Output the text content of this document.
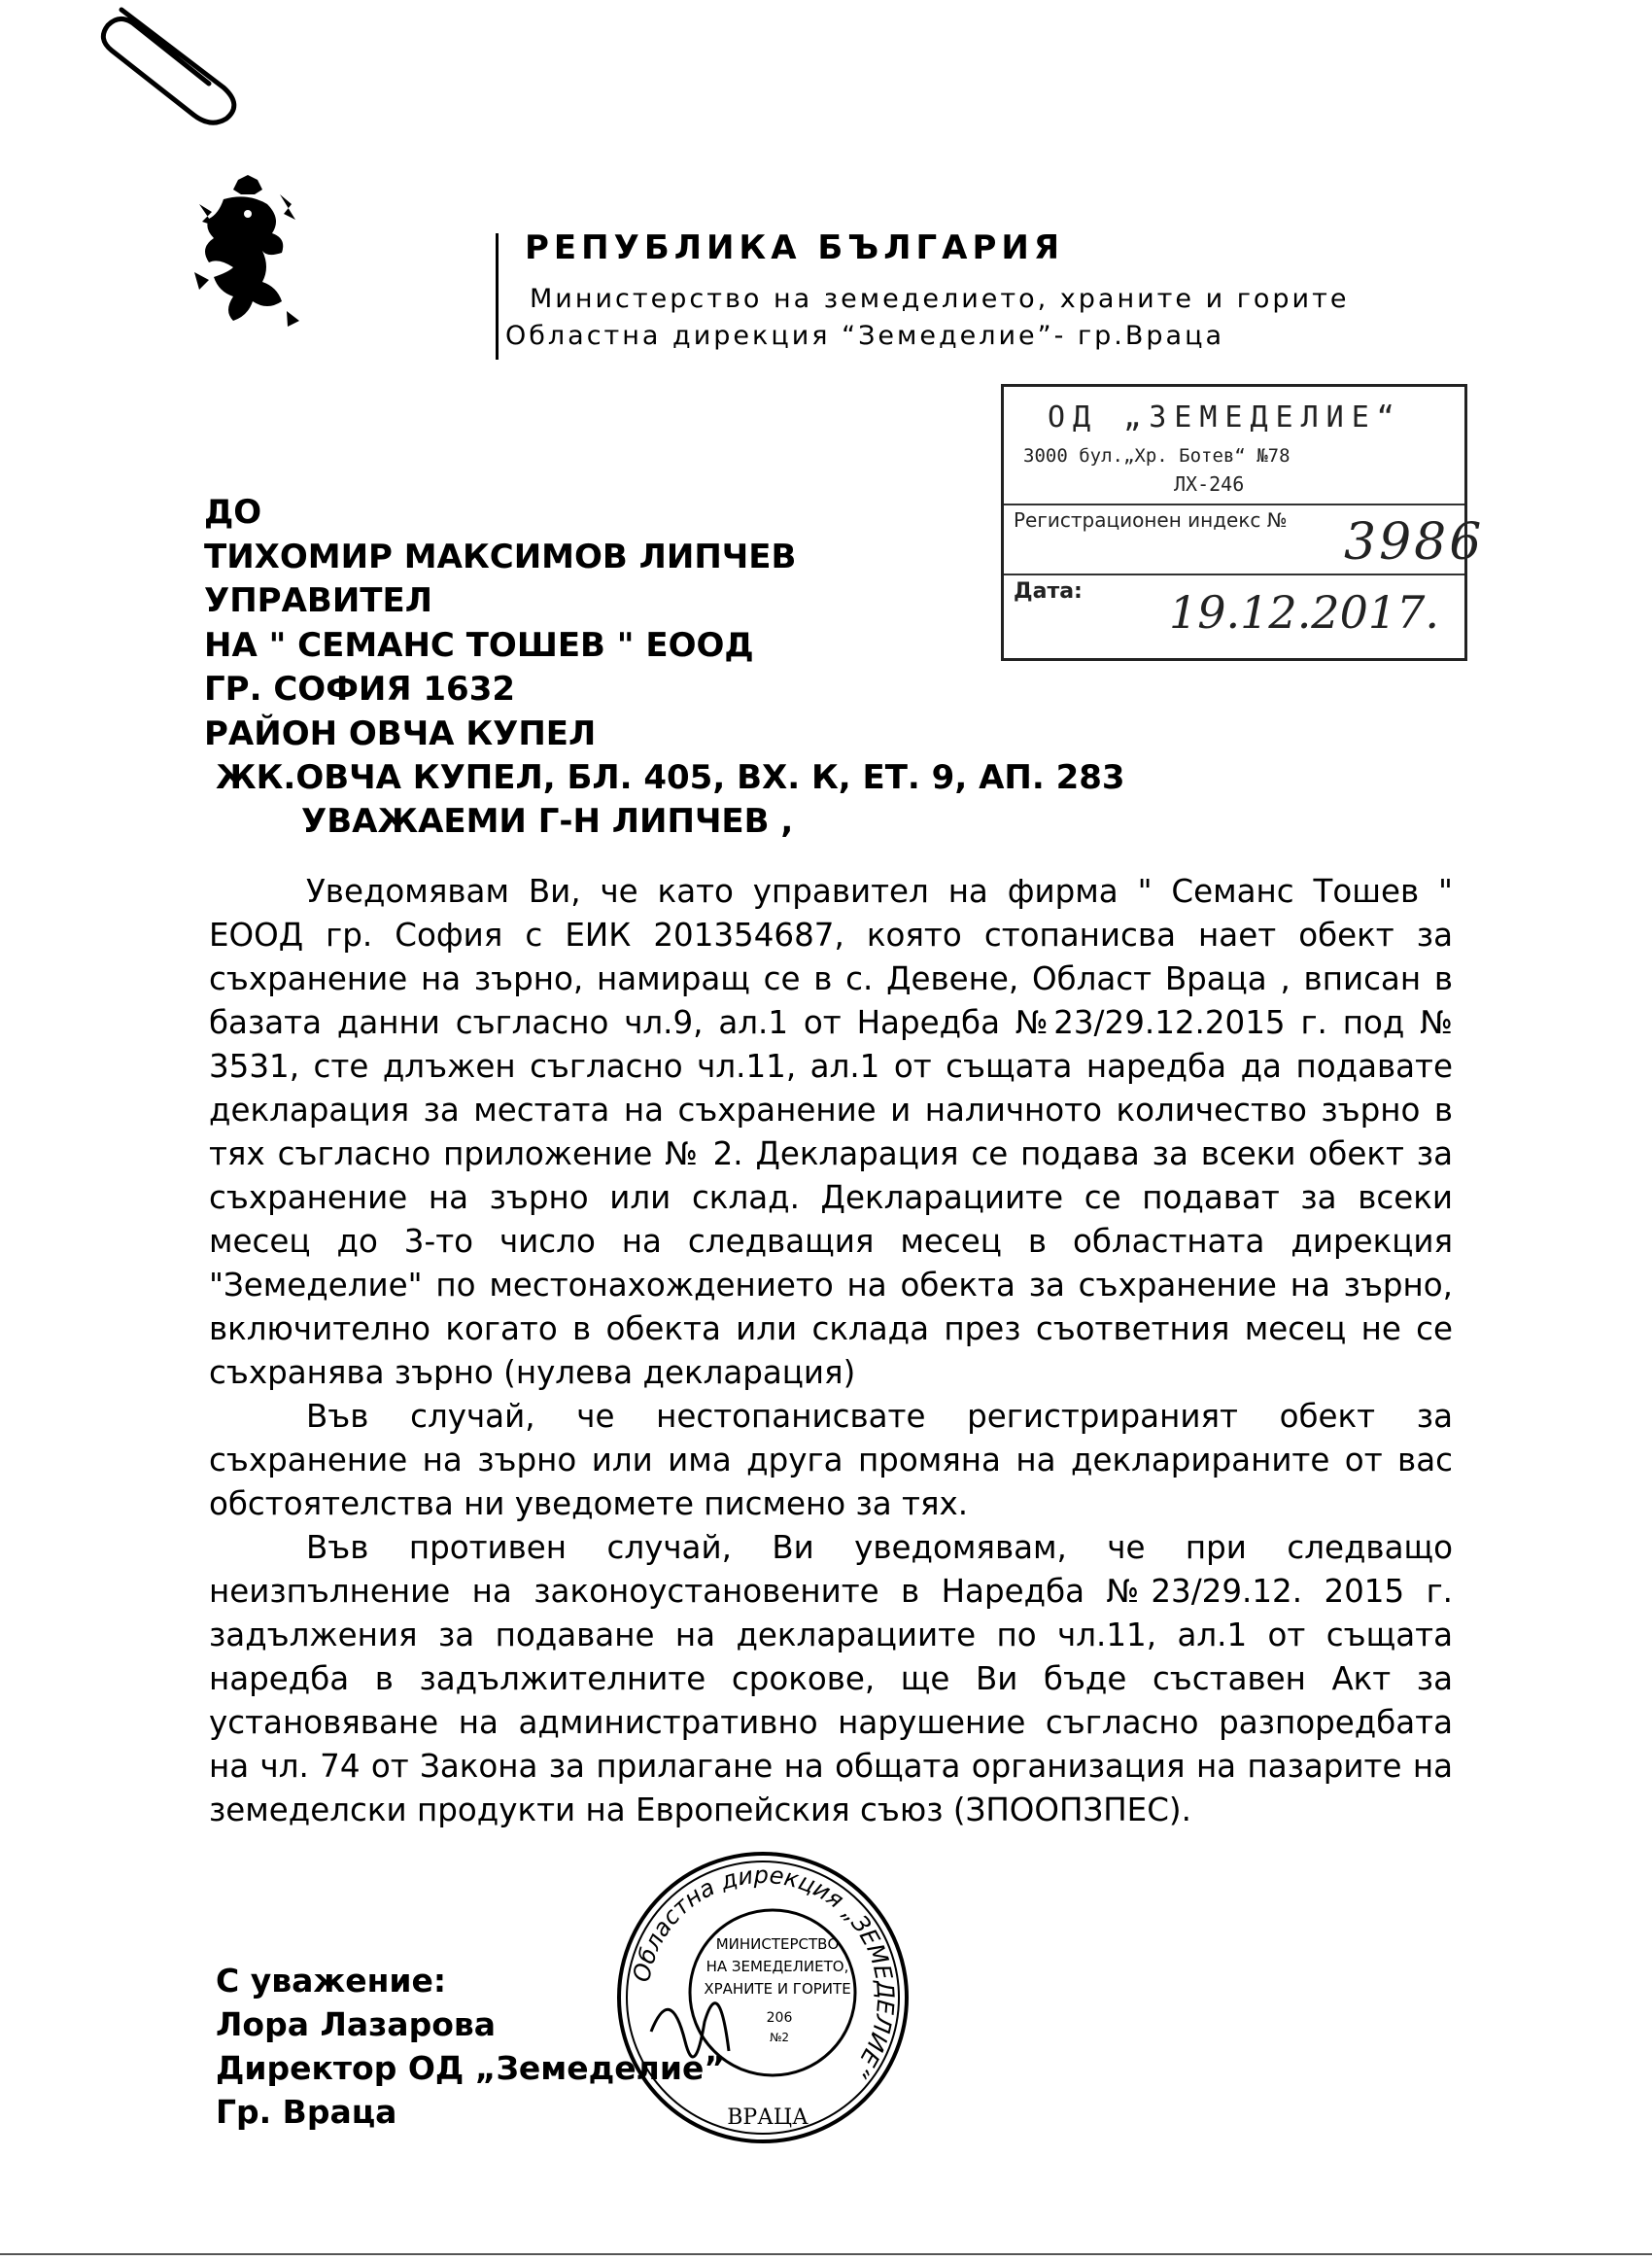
РЕПУБЛИКА БЪЛГАРИЯ
Министерство на земеделието, храните и горите
Областна дирекция “Земеделие”- гр.Враца
ОД „ЗЕМЕДЕЛИЕ“
3000 бул.„Хр. Ботев“ №78
ЛХ-246
Регистрационен индекс № 3986
Дата: 19.12.2017.
ДО
ТИХОМИР МАКСИМОВ ЛИПЧЕВ
УПРАВИТЕЛ
НА " СЕМАНС ТОШЕВ " ЕООД
ГР. СОФИЯ 1632
РАЙОН ОВЧА КУПЕЛ
ЖК.ОВЧА КУПЕЛ, БЛ. 405, ВХ. К, ЕТ. 9, АП. 283
УВАЖАЕМИ Г-Н ЛИПЧЕВ ,

Уведомявам Ви, че като управител на фирма " Семанс Тошев " ЕООД гр. София с ЕИК 201354687, която стопанисва нает обект за съхранение на зърно, намиращ се в с. Девене, Област Враца , вписан в базата данни съгласно чл.9, ал.1 от Наредба №23/29.12.2015 г. под № 3531, сте длъжен съгласно чл.11, ал.1 от същата наредба да подавате декларация за местата на съхранение и наличното количество зърно в тях съгласно приложение № 2. Декларация се подава за всеки обект за съхранение на зърно или склад. Декларациите се подават за всеки месец до 3-то число на следващия месец в областната дирекция "Земеделие" по местонахождението на обекта за съхранение на зърно, включително когато в обекта или склада през съответния месец не се съхранява зърно (нулева декларация)

Във случай, че нестопанисвате регистрираният обект за съхранение на зърно или има друга промяна на декларираните от вас обстоятелства ни уведомете писмено за тях.

Във противен случай, Ви уведомявам, че при следващо неизпълнение на законоустановените в Наредба №23/29.12. 2015 г. задължения за подаване на декларациите по чл.11, ал.1 от същата наредба в задължителните срокове, ще Ви бъде съставен Акт за установяване на административно нарушение съгласно разпоредбата на чл. 74 от Закона за прилагане на общата организация на пазарите на земеделски продукти на Европейския съюз (ЗПООПЗПЕС).

С уважение:
Лора Лазарова
Директор ОД „Земеделие”
Гр. Враца
Областна дирекция „ЗЕМЕДЕЛИЕ“
ВРАЦА
МИНИСТЕРСТВО
НА ЗЕМЕДЕЛИЕТО,
ХРАНИТЕ И ГОРИТЕ
206
№2
